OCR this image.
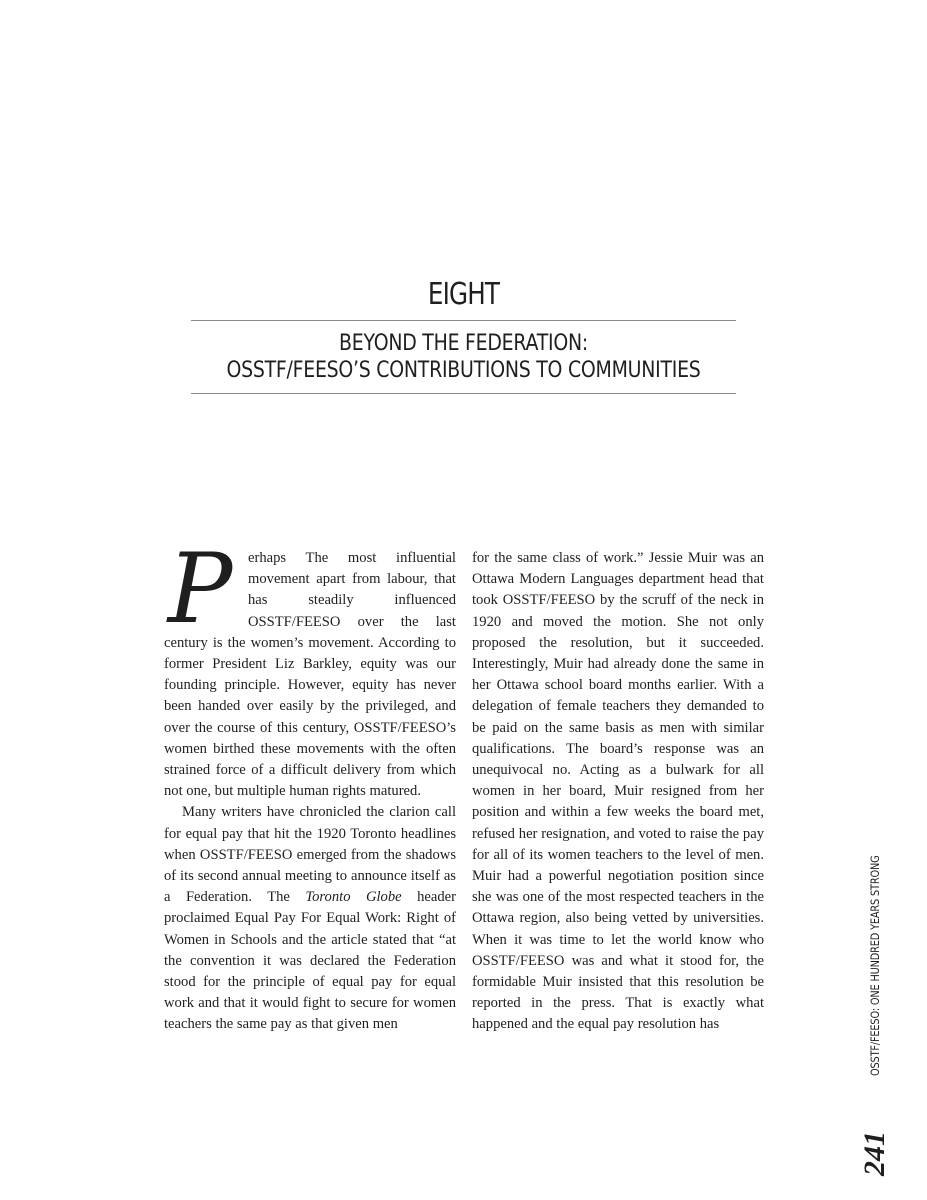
EIGHT
BEYOND THE FEDERATION:
OSSTF/FEESO’S CONTRIBUTIONS TO COMMUNITIES

P	erhaps The most influential movement apart from labour, that has steadily influenced OSSTF/FEESO over the last century is the women’s movement. According to former President Liz Barkley, equity was our founding principle. However, equity has never been handed over easily by the privileged, and over the course of this century, OSSTF/FEESO’s women birthed these movements with the often strained force of a difficult delivery from which not one, but multiple human rights matured.

Many writers have chronicled the clarion call for equal pay that hit the 1920 Toronto headlines when OSSTF/FEESO emerged from the shadows of its second annual meeting to announce itself as a Federation. The Toronto Globe header proclaimed Equal Pay For Equal Work: Right of Women in Schools and the article stated that “at the convention it was declared the Federation stood for the principle of equal pay for equal work and that it would fight to secure for women teachers the same pay as that given men

for the same class of work.” Jessie Muir was an Ottawa Modern Languages department head that took OSSTF/FEESO by the scruff of the neck in 1920 and moved the motion. She not only proposed the resolution, but it succeeded. Interestingly, Muir had already done the same in her Ottawa school board months earlier. With a delegation of female teachers they demanded to be paid on the same basis as men with similar qualifications. The board’s response was an unequivocal no. Acting as a bulwark for all women in her board, Muir resigned from her position and within a few weeks the board met, refused her resignation, and voted to raise the pay for all of its women teachers to the level of men. Muir had a powerful negotiation position since she was one of the most respected teachers in the Ottawa region, also being vetted by universities. When it was time to let the world know who OSSTF/FEESO was and what it stood for, the formidable Muir insisted that this resolution be reported in the press. That is exactly what happened and the equal pay resolution has	OSSTF/FEESO: ONE HUNDRED YEARS STRONG
241
